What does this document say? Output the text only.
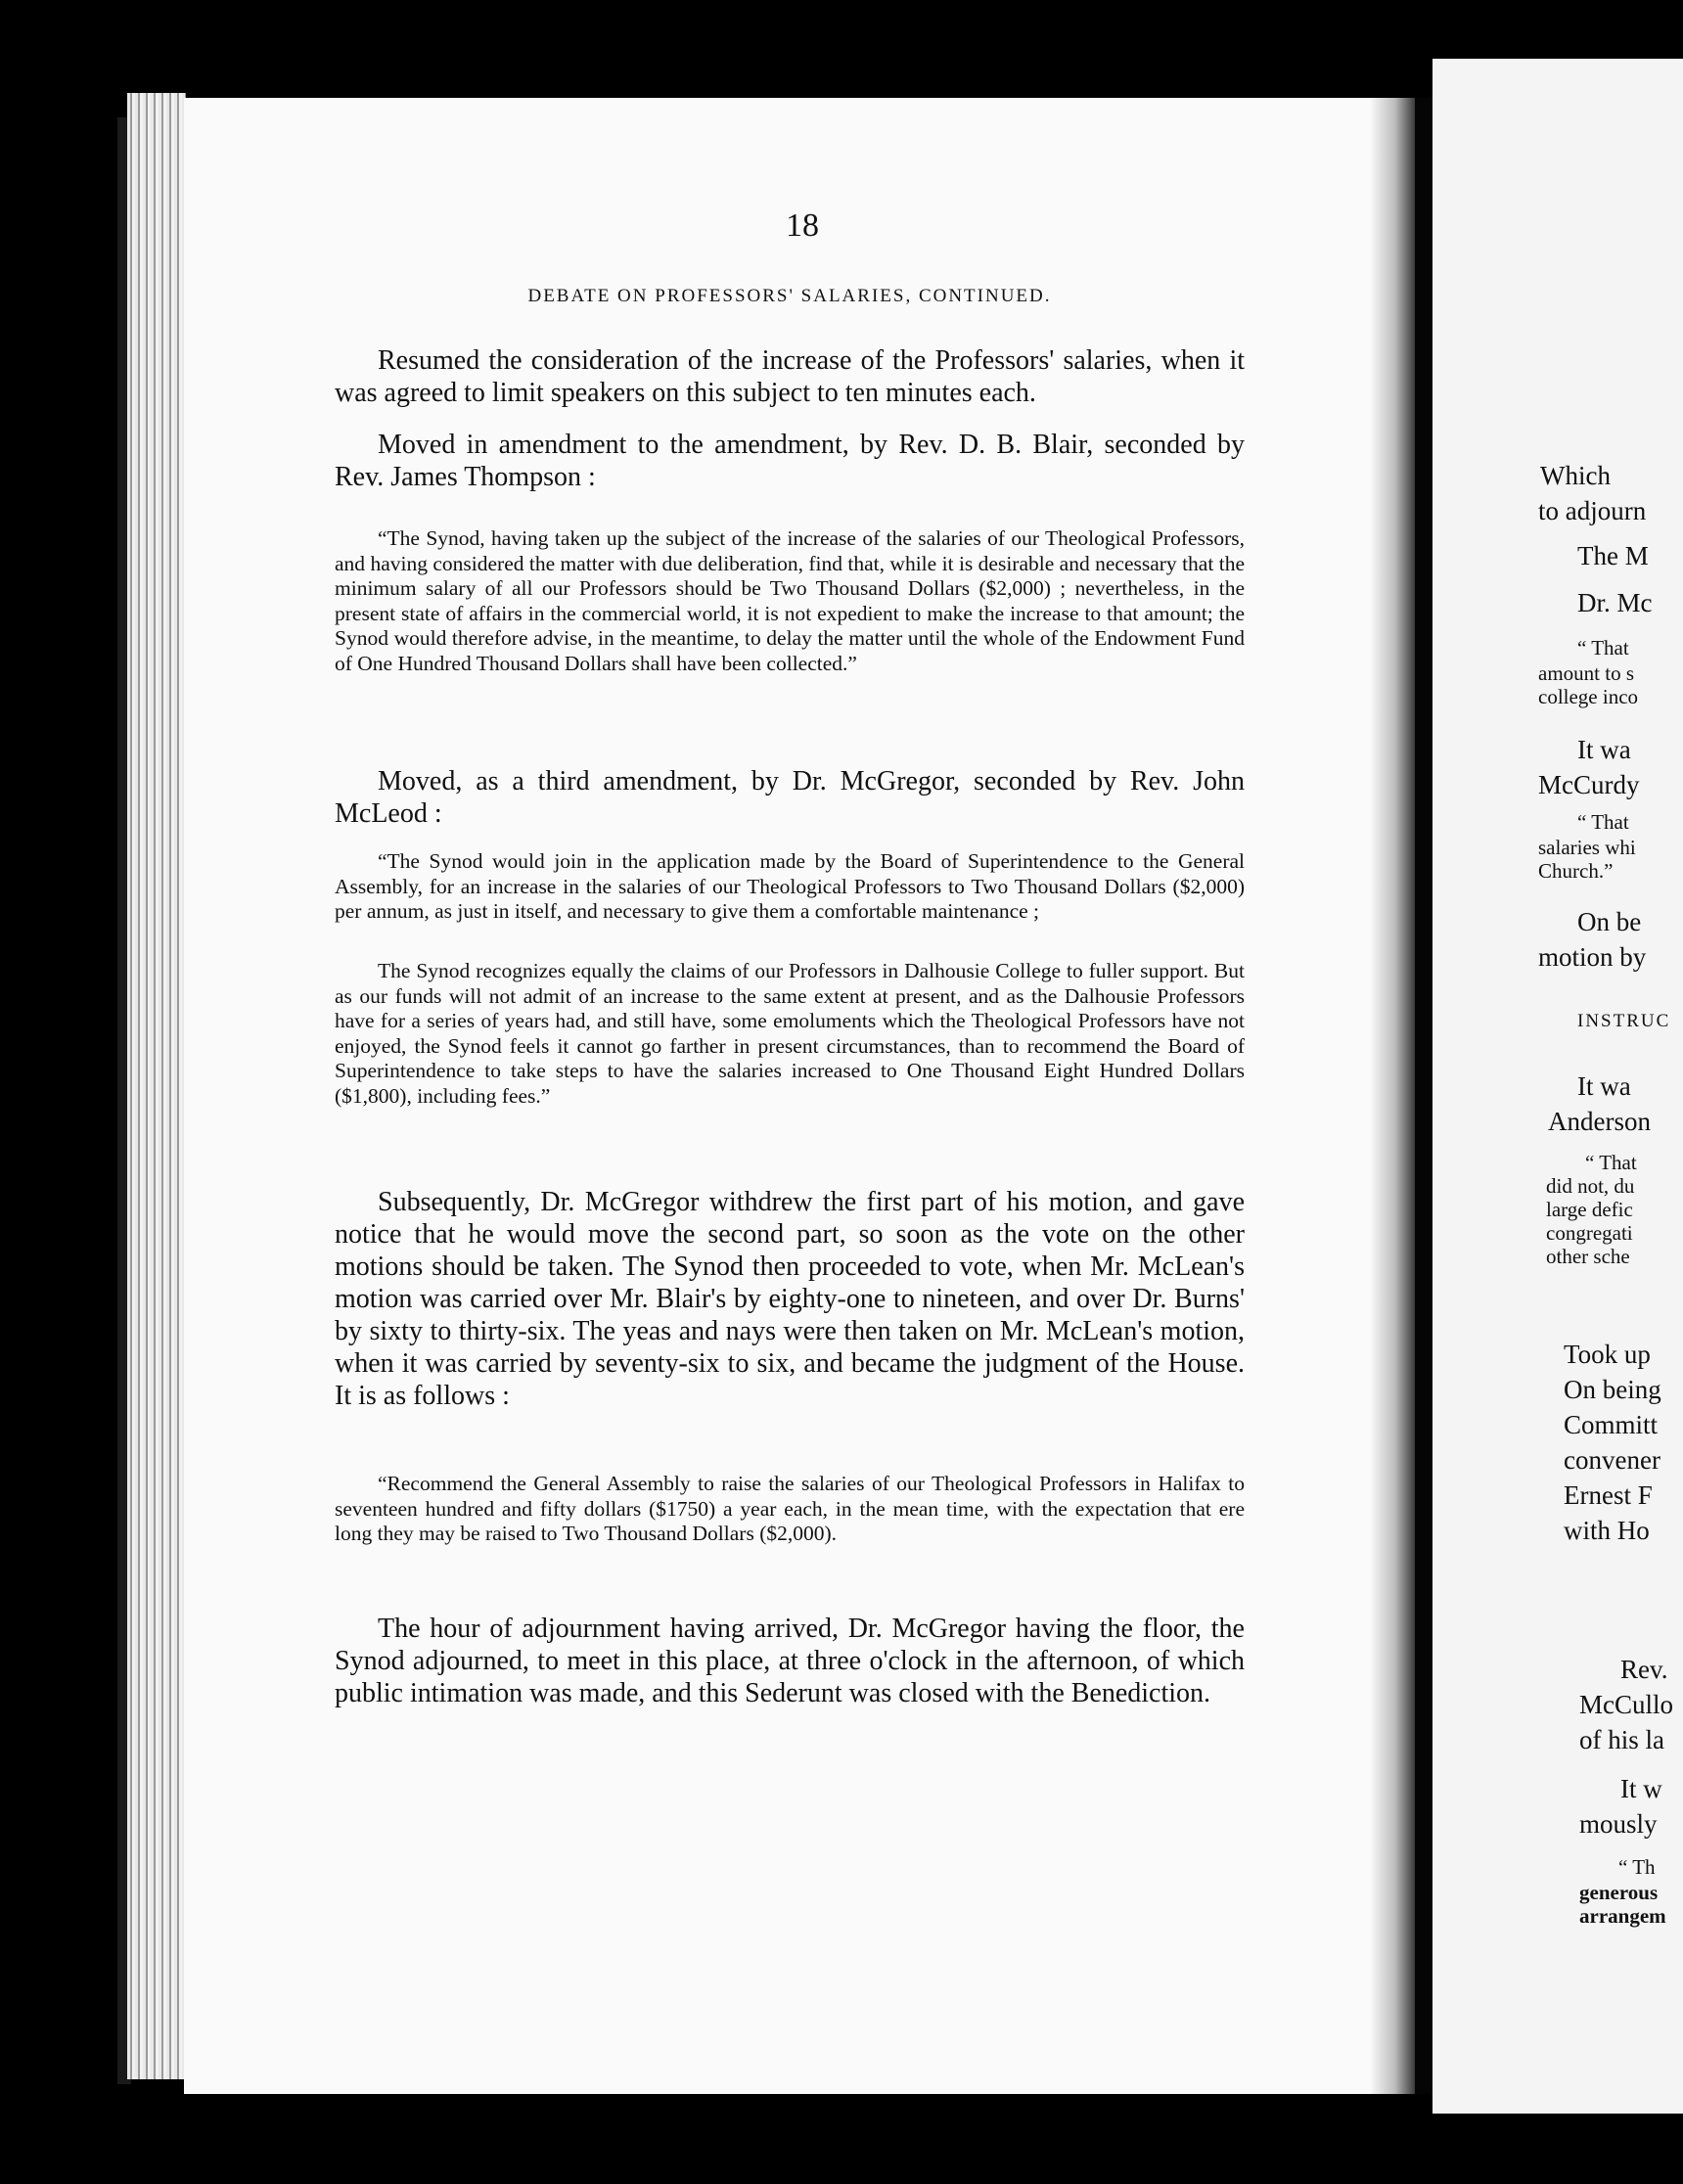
18
DEBATE ON PROFESSORS' SALARIES, CONTINUED.

Resumed the consideration of the increase of the Professors' salaries, when it was agreed to limit speakers on this subject to ten minutes each.

Moved in amendment to the amendment, by Rev. D. B. Blair, seconded by Rev. James Thompson :

“The Synod, having taken up the subject of the increase of the salaries of our Theological Professors, and having considered the matter with due deliberation, find that, while it is desirable and necessary that the minimum salary of all our Professors should be Two Thousand Dollars ($2,000) ; nevertheless, in the present state of affairs in the commercial world, it is not expedient to make the increase to that amount; the Synod would therefore advise, in the meantime, to delay the matter until the whole of the Endowment Fund of One Hundred Thousand Dollars shall have been collected.”

Moved, as a third amendment, by Dr. McGregor, seconded by Rev. John McLeod :

“The Synod would join in the application made by the Board of Superintendence to the General Assembly, for an increase in the salaries of our Theological Professors to Two Thousand Dollars ($2,000) per annum, as just in itself, and necessary to give them a comfortable maintenance ;

The Synod recognizes equally the claims of our Professors in Dalhousie College to fuller support. But as our funds will not admit of an increase to the same extent at present, and as the Dalhousie Professors have for a series of years had, and still have, some emoluments which the Theological Professors have not enjoyed, the Synod feels it cannot go farther in present circumstances, than to recommend the Board of Superintendence to take steps to have the salaries increased to One Thousand Eight Hundred Dollars ($1,800), including fees.”

Subsequently, Dr. McGregor withdrew the first part of his motion, and gave notice that he would move the second part, so soon as the vote on the other motions should be taken. The Synod then proceeded to vote, when Mr. McLean's motion was carried over Mr. Blair's by eighty-one to nineteen, and over Dr. Burns' by sixty to thirty-six. The yeas and nays were then taken on Mr. McLean's motion, when it was carried by seventy-six to six, and became the judgment of the House. It is as follows :

“Recommend the General Assembly to raise the salaries of our Theological Professors in Halifax to seventeen hundred and fifty dollars ($1750) a year each, in the mean time, with the expectation that ere long they may be raised to Two Thousand Dollars ($2,000).

The hour of adjournment having arrived, Dr. McGregor having the floor, the Synod adjourned, to meet in this place, at three o'clock in the afternoon, of which public intimation was made, and this Sederunt was closed with the Benediction.

Which
to adjourn
The M
Dr. Mc
“ That
amount to s
college inco
It wa
McCurdy
“ That
salaries whi
Church.”
On be
motion by
INSTRUC
It wa
Anderson
“ That
did not, du
large defic
congregati
other sche
Took up
On being
Committ
convener
Ernest F
with Ho
Rev.
McCullo
of his la
It w
mously
“ Th
generous
arrangem
